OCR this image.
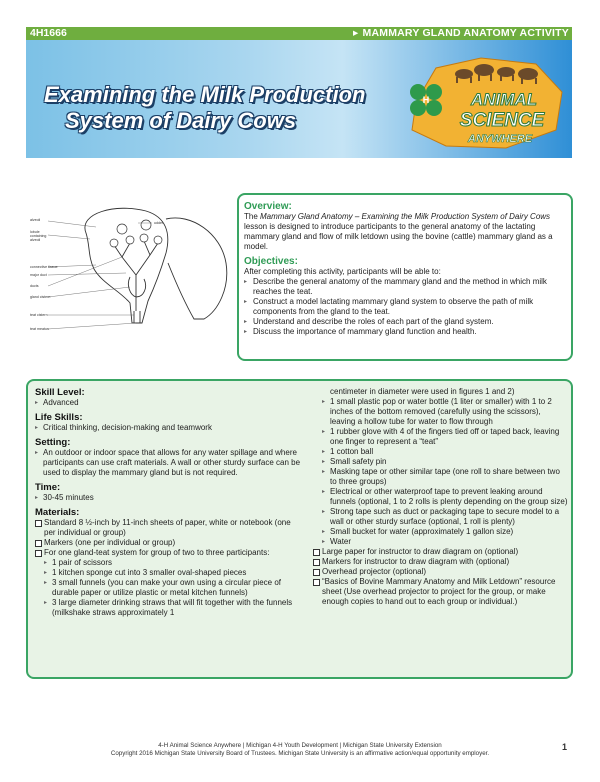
4H1666
▸	MAMMARY GLAND ANATOMY ACTIVITY
Examining the Milk Production
System of Dairy Cows
H ANIMAL
SCIENCE
ANYWHERE
alveoli
lobule containing alveoli
connective tissue
major duct
ducts
gland cistern
teat cistern
teat meatus
udder
Overview:
The Mammary Gland Anatomy – Examining the Milk Production System of Dairy Cows lesson is designed to introduce participants to the general anatomy of the lactating mammary gland and flow of milk letdown using the bovine (cattle) mammary gland as a model.
Objectives:
After completing this activity, participants will be able to:
▸ Describe the general anatomy of the mammary gland and the method in which milk reaches the teat.
▸ Construct a model lactating mammary gland system to observe the path of milk components from the gland to the teat.
▸ Understand and describe the roles of each part of the gland system.
▸ Discuss the importance of mammary gland function and health.
Skill Level:
▸ Advanced
Life Skills:
▸ Critical thinking, decision-making and teamwork
Setting:
▸ An outdoor or indoor space that allows for any water spillage and where participants can use craft materials. A wall or other sturdy surface can be used to display the mammary gland but is not required.
Time:
▸ 30-45 minutes
Materials:
Standard 8 ½-inch by 11-inch sheets of paper, white or notebook (one per individual or group)
Markers (one per individual or group)
For one gland-teat system for group of two to three participants:
▸ 1 pair of scissors
▸ 1 kitchen sponge cut into 3 smaller oval-shaped pieces
▸ 3 small funnels (you can make your own using a circular piece of durable paper or utilize plastic or metal kitchen funnels)
▸ 3 large diameter drinking straws that will fit together with the funnels (milkshake straws approximately 1
centimeter in diameter were used in figures 1 and 2)
▸ 1 small plastic pop or water bottle (1 liter or smaller) with 1 to 2 inches of the bottom removed (carefully using the scissors), leaving a hollow tube for water to flow through
▸ 1 rubber glove with 4 of the fingers tied off or taped back, leaving one finger to represent a “teat”
▸ 1 cotton ball
▸ Small safety pin
▸ Masking tape or other similar tape (one roll to share between two to three groups)
▸ Electrical or other waterproof tape to prevent leaking around funnels (optional, 1 to 2 rolls is plenty depending on the group size)
▸ Strong tape such as duct or packaging tape to secure model to a wall or other sturdy surface (optional, 1 roll is plenty)
▸ Small bucket for water (approximately 1 gallon size)
▸ Water
Large paper for instructor to draw diagram on (optional)
Markers for instructor to draw diagram with (optional)
Overhead projector (optional)
“Basics of Bovine Mammary Anatomy and Milk Letdown” resource sheet (Use overhead projector to project for the group, or make enough copies to hand out to each group or individual.)
4-H Animal Science Anywhere | Michigan 4-H Youth Development | Michigan State University Extension
Copyright 2016 Michigan State University Board of Trustees. Michigan State University is an affirmative action/equal opportunity employer.
1
